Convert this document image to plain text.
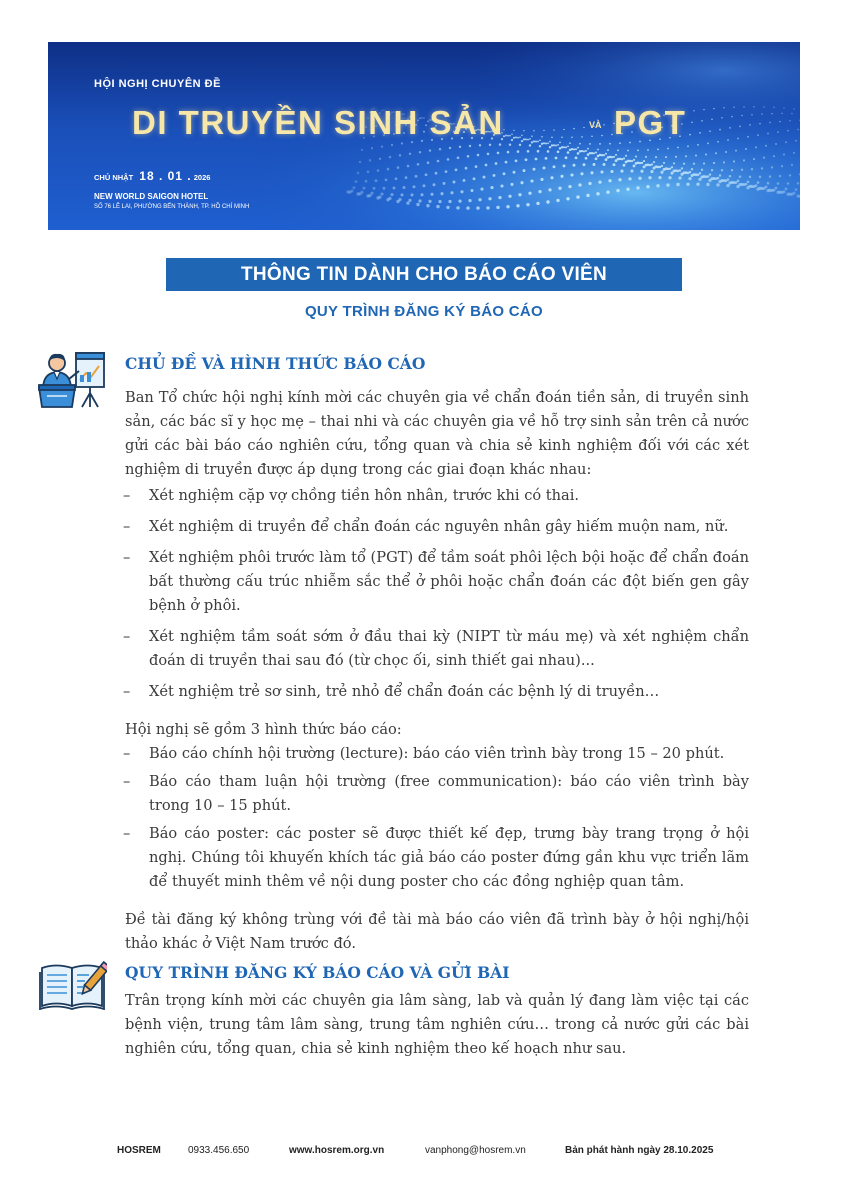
HỘI NGHỊ CHUYÊN ĐỀ
DI TRUYỀN SINH SẢN	VÀ PGT
CHỦ NHẬT 18 . 01 . 2026
NEW WORLD SAIGON HOTEL
SỐ 76 LÊ LAI, PHƯỜNG BẾN THÀNH, TP. HỒ CHÍ MINH
THÔNG TIN DÀNH CHO BÁO CÁO VIÊN
QUY TRÌNH ĐĂNG KÝ BÁO CÁO
CHỦ ĐỀ VÀ HÌNH THỨC BÁO CÁO

Ban Tổ chức hội nghị kính mời các chuyên gia về chẩn đoán tiền sản, di truyền sinh sản, các bác sĩ y học mẹ – thai nhi và các chuyên gia về hỗ trợ sinh sản trên cả nước gửi các bài báo cáo nghiên cứu, tổng quan và chia sẻ kinh nghiệm đối với các xét nghiệm di truyền được áp dụng trong các giai đoạn khác nhau:

– Xét nghiệm cặp vợ chồng tiền hôn nhân, trước khi có thai.
– Xét nghiệm di truyền để chẩn đoán các nguyên nhân gây hiếm muộn nam, nữ.
– Xét nghiệm phôi trước làm tổ (PGT) để tầm soát phôi lệch bội hoặc để chẩn đoán bất thường cấu trúc nhiễm sắc thể ở phôi hoặc chẩn đoán các đột biến gen gây bệnh ở phôi.
– Xét nghiệm tầm soát sớm ở đầu thai kỳ (NIPT từ máu mẹ) và xét nghiệm chẩn đoán di truyền thai sau đó (từ chọc ối, sinh thiết gai nhau)...
– Xét nghiệm trẻ sơ sinh, trẻ nhỏ để chẩn đoán các bệnh lý di truyền…

Hội nghị sẽ gồm 3 hình thức báo cáo:

– Báo cáo chính hội trường (lecture): báo cáo viên trình bày trong 15 – 20 phút.
– Báo cáo tham luận hội trường (free communication): báo cáo viên trình bày trong 10 – 15 phút.
– Báo cáo poster: các poster sẽ được thiết kế đẹp, trưng bày trang trọng ở hội nghị. Chúng tôi khuyến khích tác giả báo cáo poster đứng gần khu vực triển lãm để thuyết minh thêm về nội dung poster cho các đồng nghiệp quan tâm.

Đề tài đăng ký không trùng với đề tài mà báo cáo viên đã trình bày ở hội nghị/hội thảo khác ở Việt Nam trước đó.

QUY TRÌNH ĐĂNG KÝ BÁO CÁO VÀ GỬI BÀI

Trân trọng kính mời các chuyên gia lâm sàng, lab và quản lý đang làm việc tại các bệnh viện, trung tâm lâm sàng, trung tâm nghiên cứu… trong cả nước gửi các bài nghiên cứu, tổng quan, chia sẻ kinh nghiệm theo kế hoạch như sau.

HOSREM	0933.456.650	www.hosrem.org.vn	vanphong@hosrem.vn	Bản phát hành ngày 28.10.2025
